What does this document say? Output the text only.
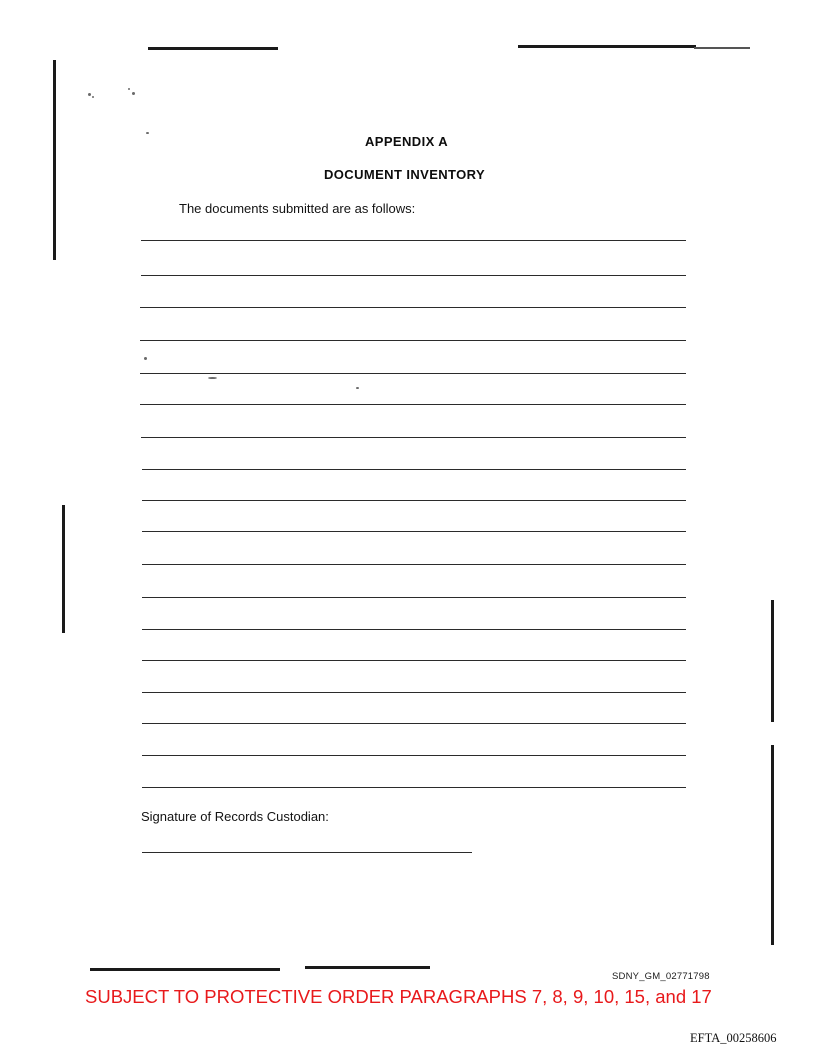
APPENDIX A
DOCUMENT INVENTORY
The documents submitted are as follows:
Signature of Records Custodian:
SDNY_GM_02771798
SUBJECT TO PROTECTIVE ORDER PARAGRAPHS 7, 8, 9, 10, 15, and 17
EFTA_00258606
